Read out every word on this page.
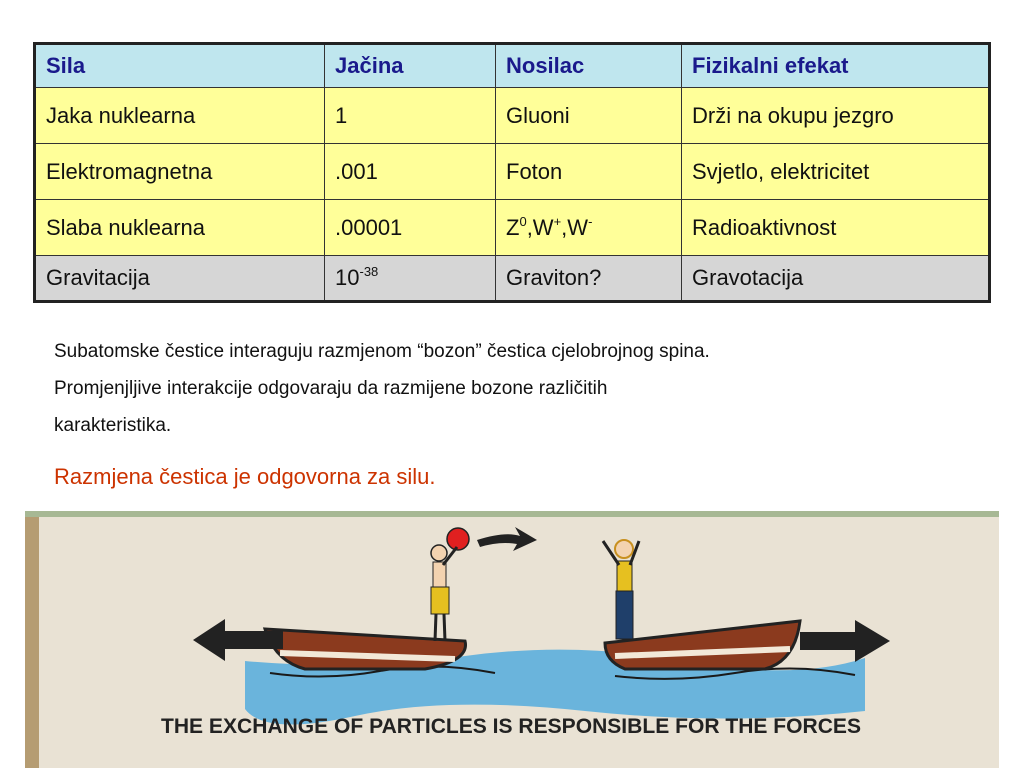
Sila	Jačina	Nosilac	Fizikalni efekat
Jaka nuklearna	1	Gluoni	Drži na okupu jezgro
Elektromagnetna	.001	Foton	Svjetlo, elektricitet
Slaba nuklearna	.00001	$Z^0,W^+,W^-$	Radioaktivnost
Gravitacija	$10^{-38}$	Graviton?	Gravotacija
Subatomske čestice interaguju razmjenom “bozon” čestica cjelobrojnog spina.
Promjenjljive interakcije odgovaraju da razmijene bozone različitih
karakteristika.
Razmjena čestica je odgovorna za silu.
THE EXCHANGE OF PARTICLES IS RESPONSIBLE FOR THE FORCES
